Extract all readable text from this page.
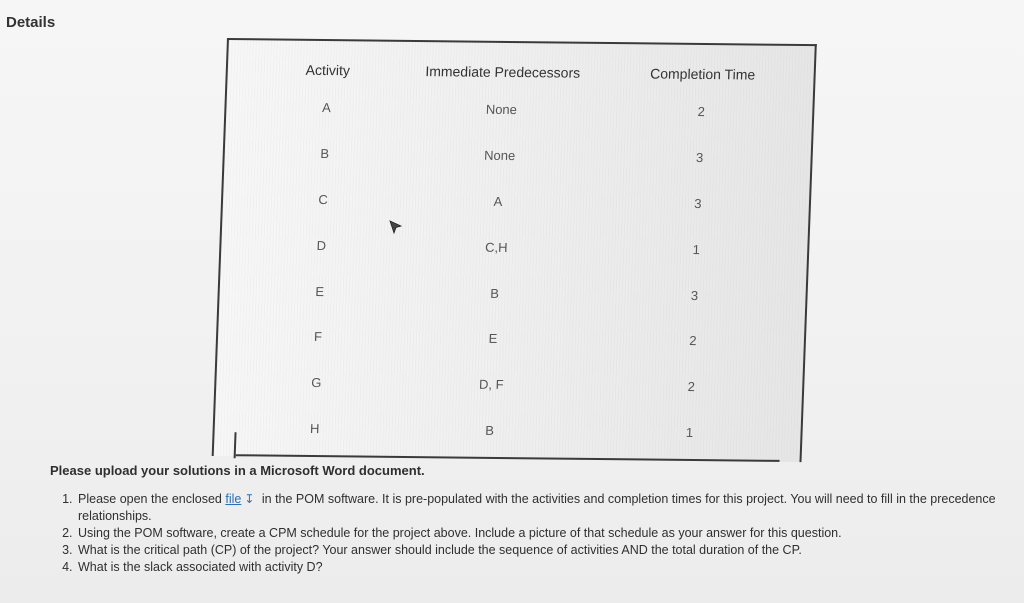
Details
Activity	Immediate Predecessors	Completion Time
A	None	2
B	None	3
C	A	3
D	C,H	1
E	B	3
F	E	2
G	D, F	2
H	B	1
Please upload your solutions in a Microsoft Word document.
1. Please open the enclosed file ↧ in the POM software. It is pre-populated with the activities and completion times for this project. You will need to fill in the precedence relationships.
2. Using the POM software, create a CPM schedule for the project above. Include a picture of that schedule as your answer for this question.
3. What is the critical path (CP) of the project? Your answer should include the sequence of activities AND the total duration of the CP.
4. What is the slack associated with activity D?
